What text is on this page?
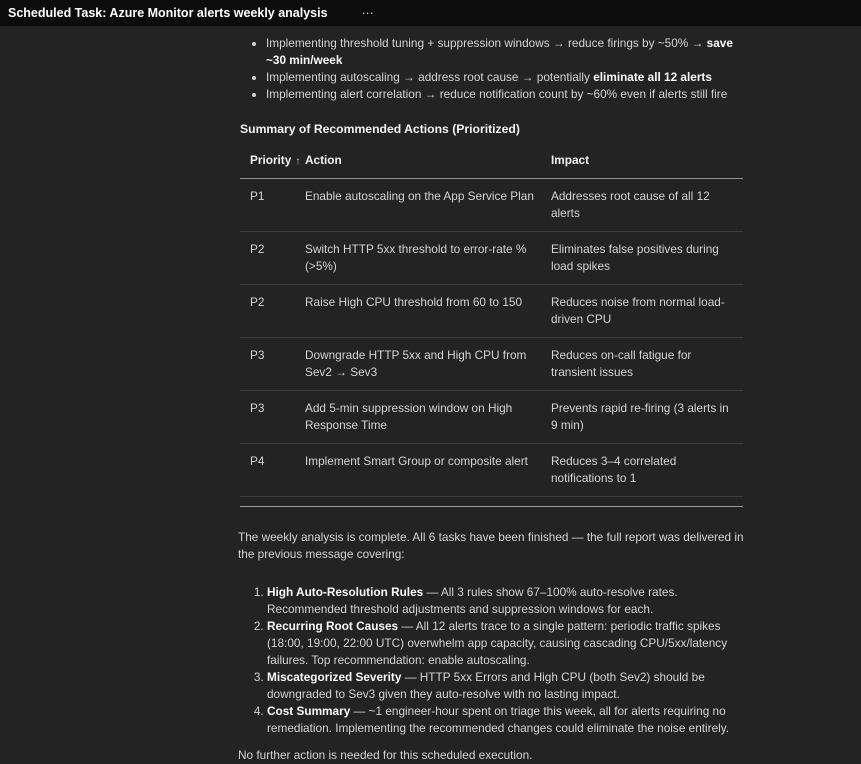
Scheduled Task: Azure Monitor alerts weekly analysis	⋯
• Implementing threshold tuning + suppression windows → reduce firings by ~50% → save ~30 min/week
• Implementing autoscaling → address root cause → potentially eliminate all 12 alerts
• Implementing alert correlation → reduce notification count by ~60% even if alerts still fire
Summary of Recommended Actions (Prioritized)
Priority ↑	Action	Impact
P1	Enable autoscaling on the App Service Plan	Addresses root cause of all 12 alerts
P2	Switch HTTP 5xx threshold to error-rate % (>5%)	Eliminates false positives during load spikes
P2	Raise High CPU threshold from 60 to 150	Reduces noise from normal load-driven CPU
P3	Downgrade HTTP 5xx and High CPU from Sev2 → Sev3	Reduces on-call fatigue for transient issues
P3	Add 5-min suppression window on High Response Time	Prevents rapid re-firing (3 alerts in 9 min)
P4	Implement Smart Group or composite alert	Reduces 3–4 correlated notifications to 1

The weekly analysis is complete. All 6 tasks have been finished — the full report was delivered in the previous message covering:

1. High Auto-Resolution Rules — All 3 rules show 67–100% auto-resolve rates. Recommended threshold adjustments and suppression windows for each.
2. Recurring Root Causes — All 12 alerts trace to a single pattern: periodic traffic spikes (18:00, 19:00, 22:00 UTC) overwhelm app capacity, causing cascading CPU/5xx/latency failures. Top recommendation: enable autoscaling.
3. Miscategorized Severity — HTTP 5xx Errors and High CPU (both Sev2) should be downgraded to Sev3 given they auto-resolve with no lasting impact.
4. Cost Summary — ~1 engineer-hour spent on triage this week, all for alerts requiring no remediation. Implementing the recommended changes could eliminate the noise entirely.

No further action is needed for this scheduled execution.
